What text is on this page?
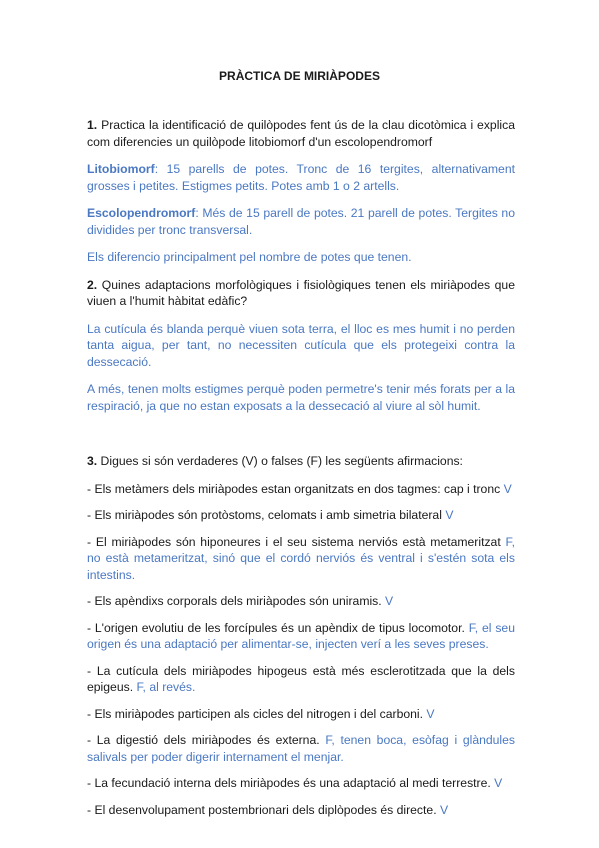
PRÀCTICA DE MIRIÀPODES

1. Practica la identificació de quilòpodes fent ús de la clau dicotòmica i explica com diferencies un quilòpode litobiomorf d'un escolopendromorf

Litobiomorf: 15 parells de potes. Tronc de 16 tergites, alternativament grosses i petites. Estigmes petits. Potes amb 1 o 2 artells.

Escolopendromorf: Més de 15 parell de potes. 21 parell de potes. Tergites no dividides per tronc transversal.

Els diferencio principalment pel nombre de potes que tenen.

2. Quines adaptacions morfològiques i fisiològiques tenen els miriàpodes que viuen a l'humit hàbitat edàfic?

La cutícula és blanda perquè viuen sota terra, el lloc es mes humit i no perden tanta aigua, per tant, no necessiten cutícula que els protegeixi contra la dessecació.

A més, tenen molts estigmes perquè poden permetre's tenir més forats per a la respiració, ja que no estan exposats a la dessecació al viure al sòl humit.

3. Digues si són verdaderes (V) o falses (F) les següents afirmacions:

- Els metàmers dels miriàpodes estan organitzats en dos tagmes: cap i tronc V

- Els miriàpodes són protòstoms, celomats i amb simetria bilateral V

- El miriàpodes són hiponeures i el seu sistema nerviós està metameritzat F, no està metameritzat, sinó que el cordó nerviós és ventral i s'estén sota els intestins.

- Els apèndixs corporals dels miriàpodes són uniramis. V

- L'origen evolutiu de les forcípules és un apèndix de tipus locomotor. F, el seu origen és una adaptació per alimentar-se, injecten verí a les seves preses.

- La cutícula dels miriàpodes hipogeus està més esclerotitzada que la dels epigeus. F, al revés.

- Els miriàpodes participen als cicles del nitrogen i del carboni. V

- La digestió dels miriàpodes és externa. F, tenen boca, esòfag i glàndules salivals per poder digerir internament el menjar.

- La fecundació interna dels miriàpodes és una adaptació al medi terrestre. V

- El desenvolupament postembrionari dels diplòpodes és directe. V
